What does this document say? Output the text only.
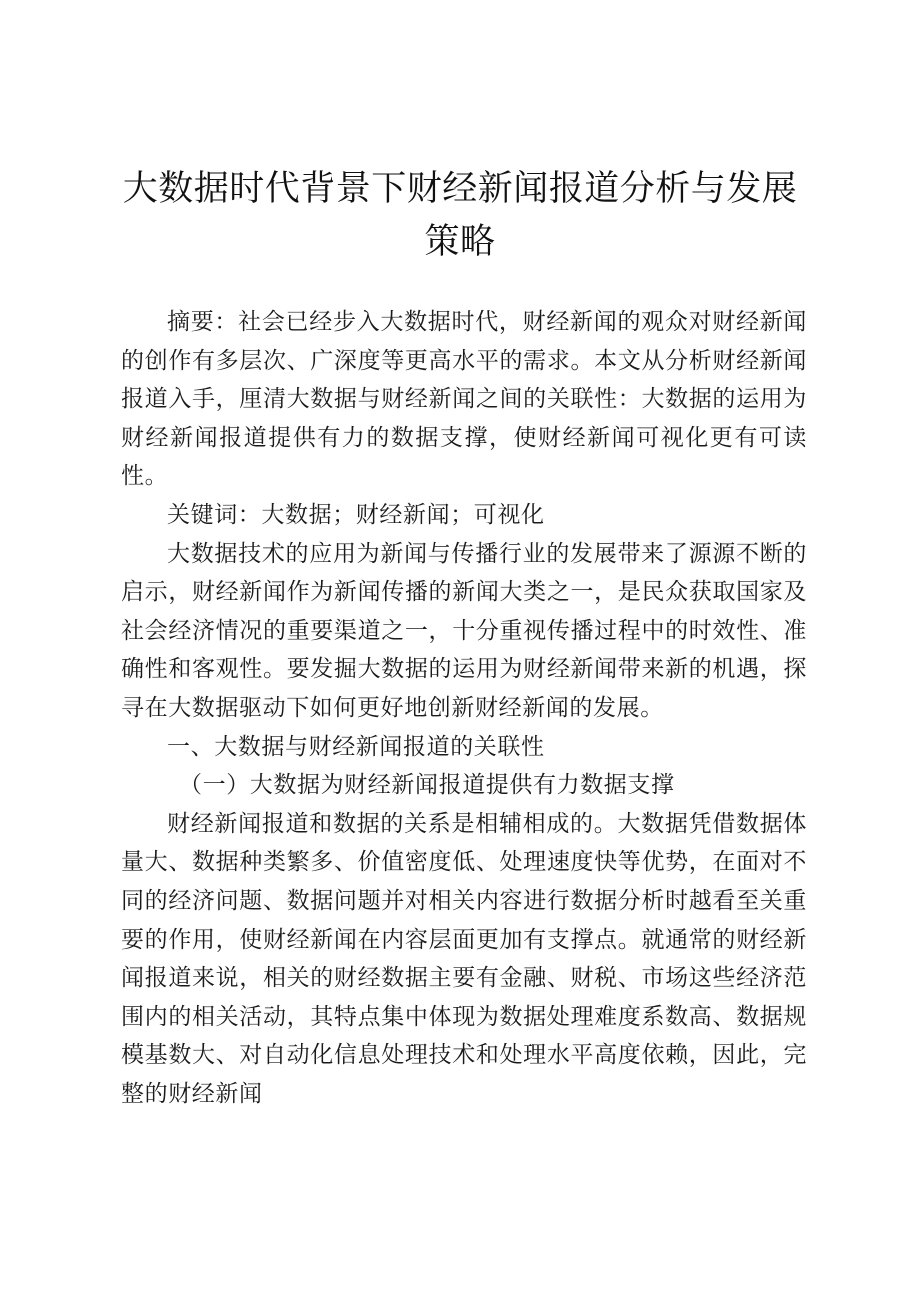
大数据时代背景下财经新闻报道分析与发展策略

摘要：社会已经步入大数据时代，财经新闻的观众对财经新闻的创作有多层次、广深度等更高水平的需求。本文从分析财经新闻报道入手，厘清大数据与财经新闻之间的关联性：大数据的运用为财经新闻报道提供有力的数据支撑，使财经新闻可视化更有可读性。

关键词：大数据；财经新闻；可视化

大数据技术的应用为新闻与传播行业的发展带来了源源不断的启示，财经新闻作为新闻传播的新闻大类之一，是民众获取国家及社会经济情况的重要渠道之一，十分重视传播过程中的时效性、准确性和客观性。要发掘大数据的运用为财经新闻带来新的机遇，探寻在大数据驱动下如何更好地创新财经新闻的发展。

一、大数据与财经新闻报道的关联性

（一）大数据为财经新闻报道提供有力数据支撑

财经新闻报道和数据的关系是相辅相成的。大数据凭借数据体量大、数据种类繁多、价值密度低、处理速度快等优势，在面对不同的经济问题、数据问题并对相关内容进行数据分析时越看至关重要的作用，使财经新闻在内容层面更加有支撑点。就通常的财经新闻报道来说，相关的财经数据主要有金融、财税、市场这些经济范围内的相关活动，其特点集中体现为数据处理难度系数高、数据规模基数大、对自动化信息处理技术和处理水平高度依赖，因此，完整的财经新闻
